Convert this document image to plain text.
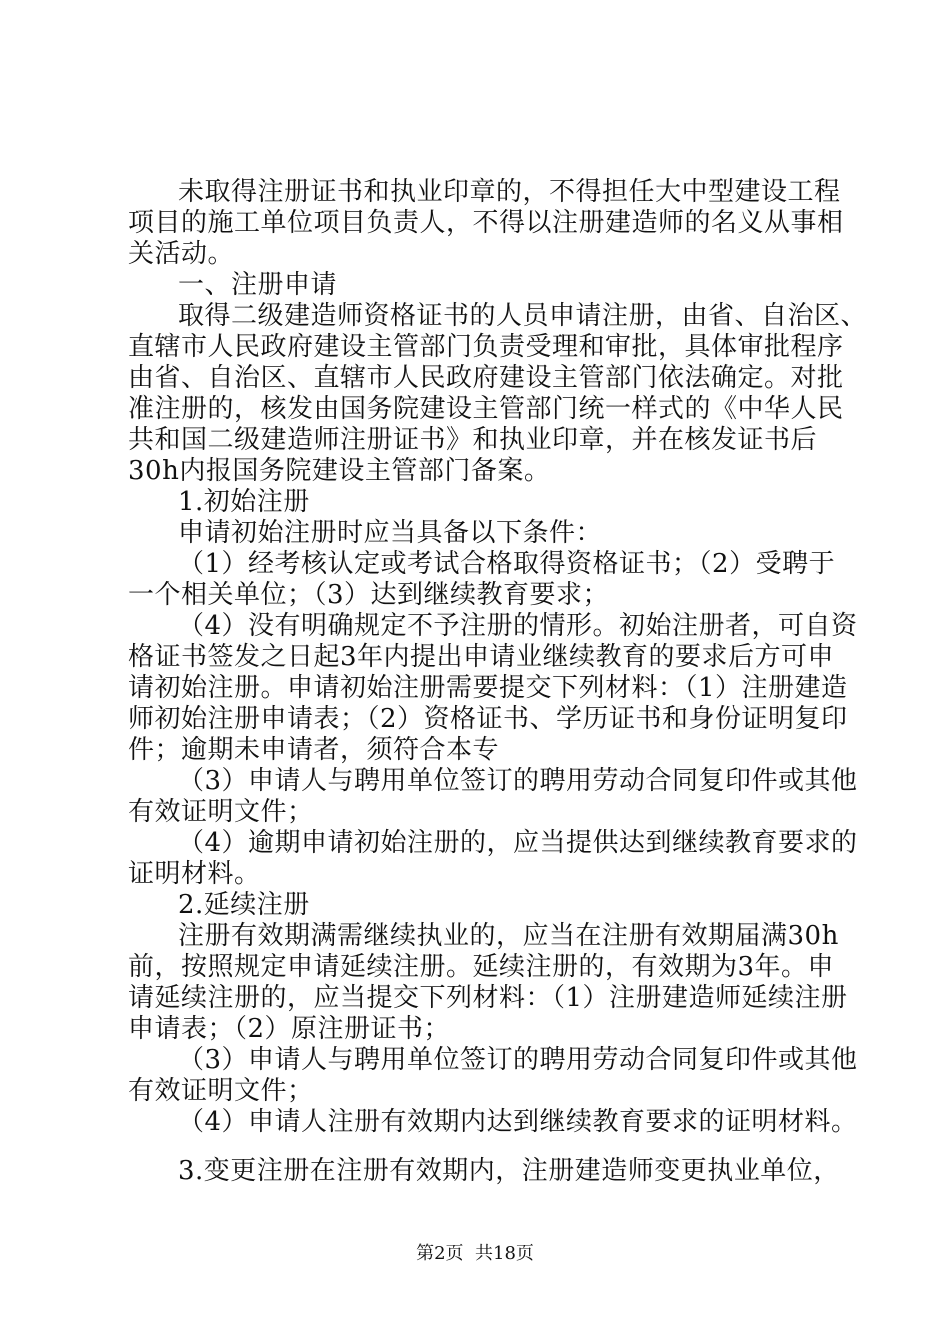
未取得注册证书和执业印章的，不得担任大中型建设工程
项目的施工单位项目负责人，不得以注册建造师的名义从事相
关活动。
一、注册申请
取得二级建造师资格证书的人员申请注册，由省、自治区、
直辖市人民政府建设主管部门负责受理和审批，具体审批程序
由省、自治区、直辖市人民政府建设主管部门依法确定。对批
准注册的，核发由国务院建设主管部门统一样式的《中华人民
共和国二级建造师注册证书》和执业印章，并在核发证书后
30h内报国务院建设主管部门备案。
1.初始注册
申请初始注册时应当具备以下条件：
（1）经考核认定或考试合格取得资格证书；（2）受聘于
一个相关单位；（3）达到继续教育要求；
（4）没有明确规定不予注册的情形。初始注册者，可自资
格证书签发之日起3年内提出申请业继续教育的要求后方可申
请初始注册。申请初始注册需要提交下列材料：（1）注册建造
师初始注册申请表；（2）资格证书、学历证书和身份证明复印
件；逾期未申请者，须符合本专
（3）申请人与聘用单位签订的聘用劳动合同复印件或其他
有效证明文件；
（4）逾期申请初始注册的，应当提供达到继续教育要求的
证明材料。
2.延续注册
注册有效期满需继续执业的，应当在注册有效期届满30h
前，按照规定申请延续注册。延续注册的，有效期为3年。申
请延续注册的，应当提交下列材料：（1）注册建造师延续注册
申请表；（2）原注册证书；
（3）申请人与聘用单位签订的聘用劳动合同复印件或其他
有效证明文件；
（4）申请人注册有效期内达到继续教育要求的证明材料。
3.变更注册在注册有效期内，注册建造师变更执业单位，
第2页  共18页
